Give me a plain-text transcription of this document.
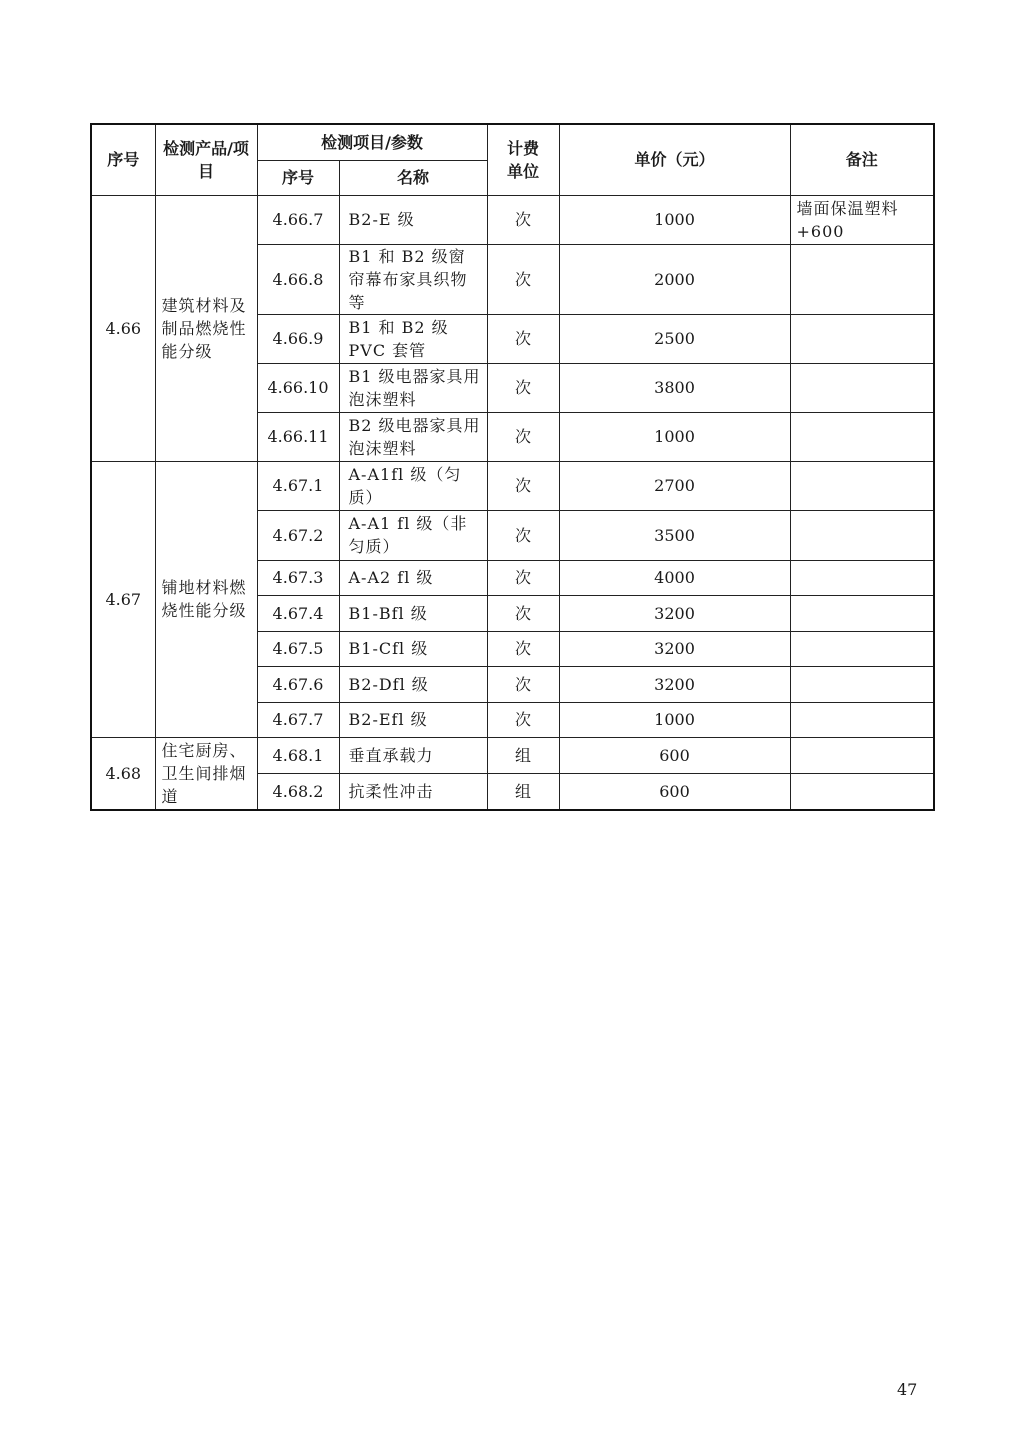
序号	检测产品/项目	检测项目/参数		计费单位	单价（元）	备注
		序号	名称			
4.66	建筑材料及制品燃烧性能分级	4.66.7	B2-E 级	次	1000	墙面保温塑料+600
		4.66.8	B1 和 B2 级窗帘幕布家具织物等	次	2000	
		4.66.9	B1 和 B2 级 PVC 套管	次	2500	
		4.66.10	B1 级电器家具用泡沫塑料	次	3800	
		4.66.11	B2 级电器家具用泡沫塑料	次	1000	
4.67	铺地材料燃烧性能分级	4.67.1	A-A1fl 级（匀质）	次	2700	
		4.67.2	A-A1 fl 级（非匀质）	次	3500	
		4.67.3	A-A2 fl 级	次	4000	
		4.67.4	B1-Bfl 级	次	3200	
		4.67.5	B1-Cfl 级	次	3200	
		4.67.6	B2-Dfl 级	次	3200	
		4.67.7	B2-Efl 级	次	1000	
4.68	住宅厨房、卫生间排烟道	4.68.1	垂直承载力	组	600	
		4.68.2	抗柔性冲击	组	600	
47
